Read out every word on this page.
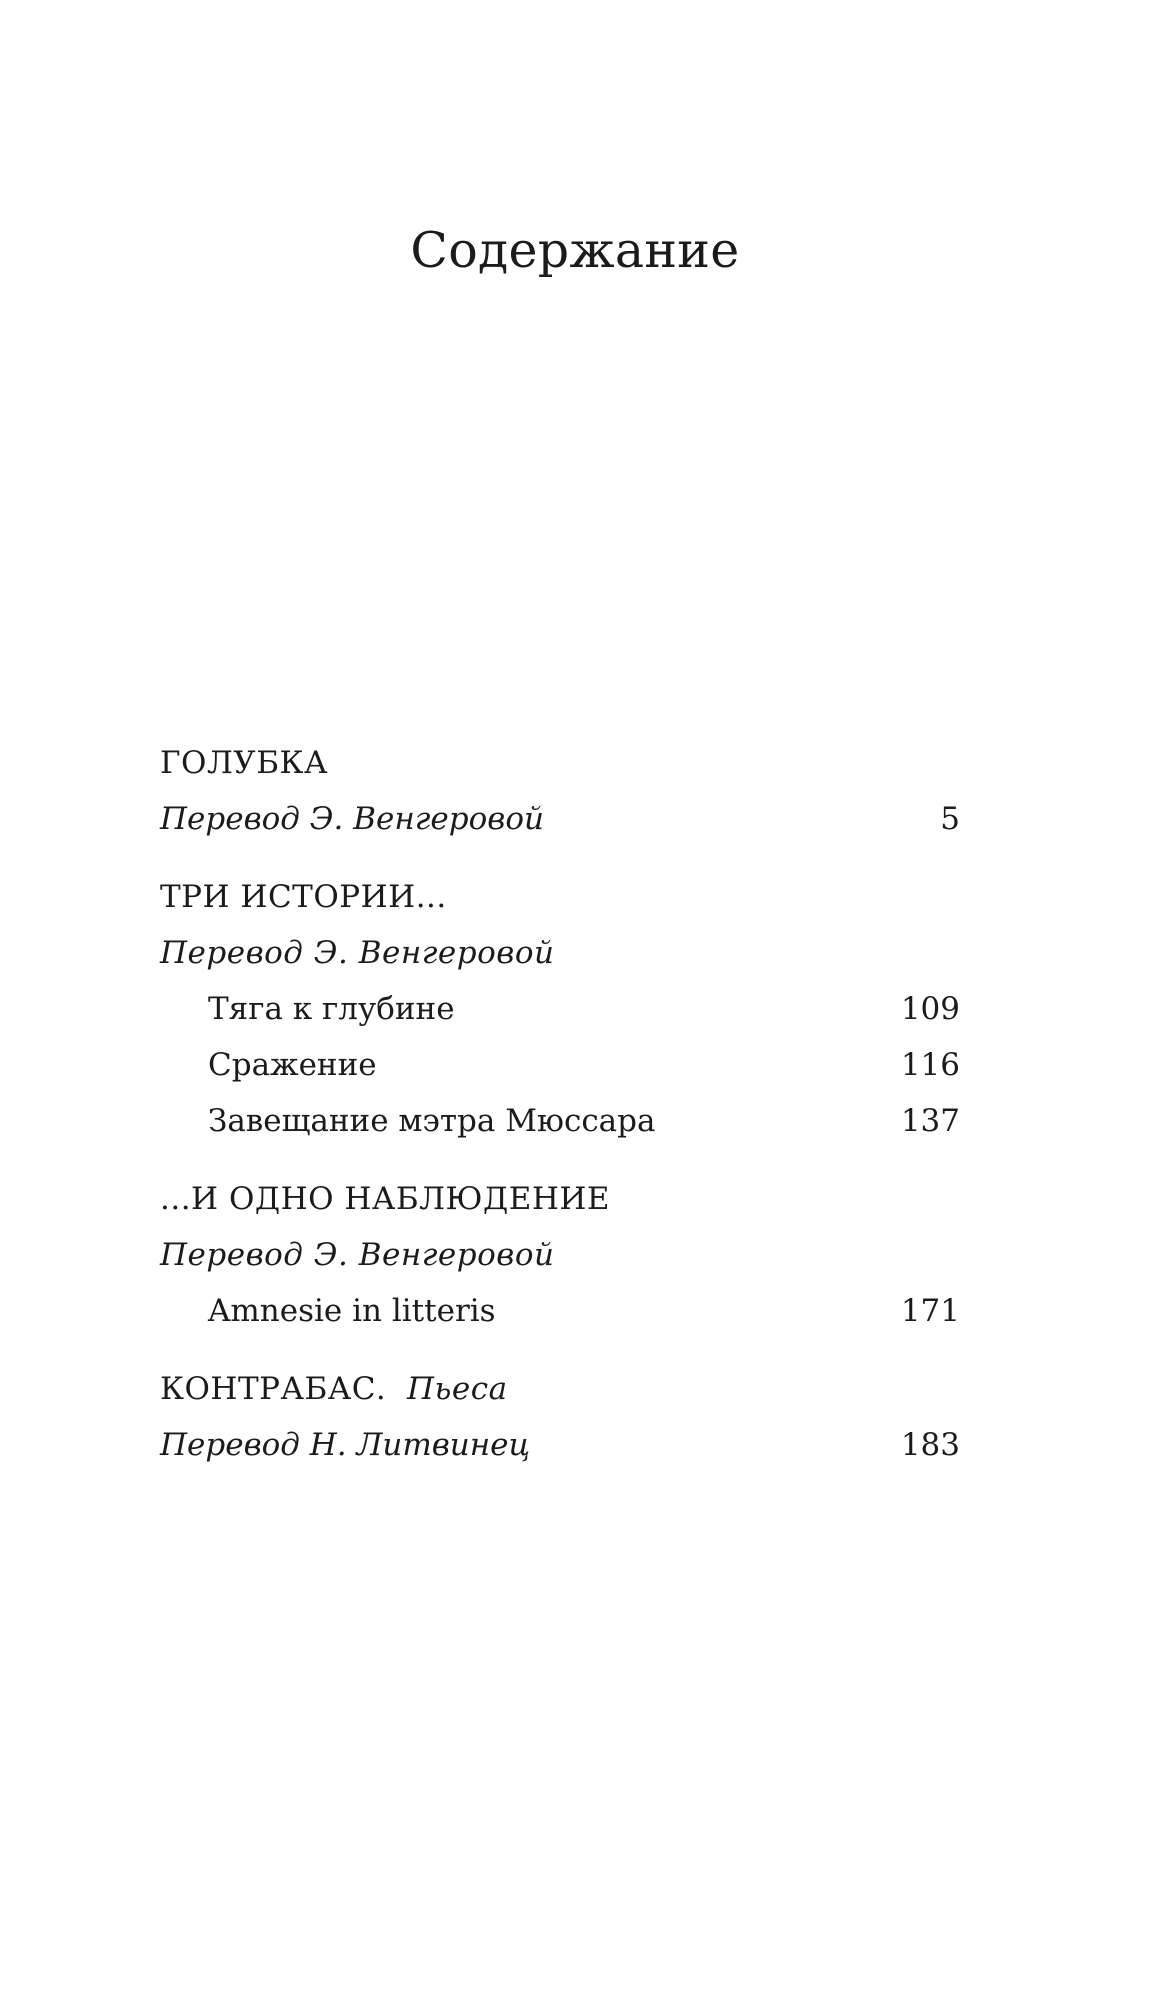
Содержание
ГОЛУБКА
Перевод Э. Венгеровой	5
ТРИ ИСТОРИИ...
Перевод Э. Венгеровой
Тяга к глубине	109
Сражение	116
Завещание мэтра Мюссара	137
...И ОДНО НАБЛЮДЕНИЕ
Перевод Э. Венгеровой
Amnesie in litteris	171
КОНТРАБАС.  Пьеса
Перевод Н. Литвинец	183
